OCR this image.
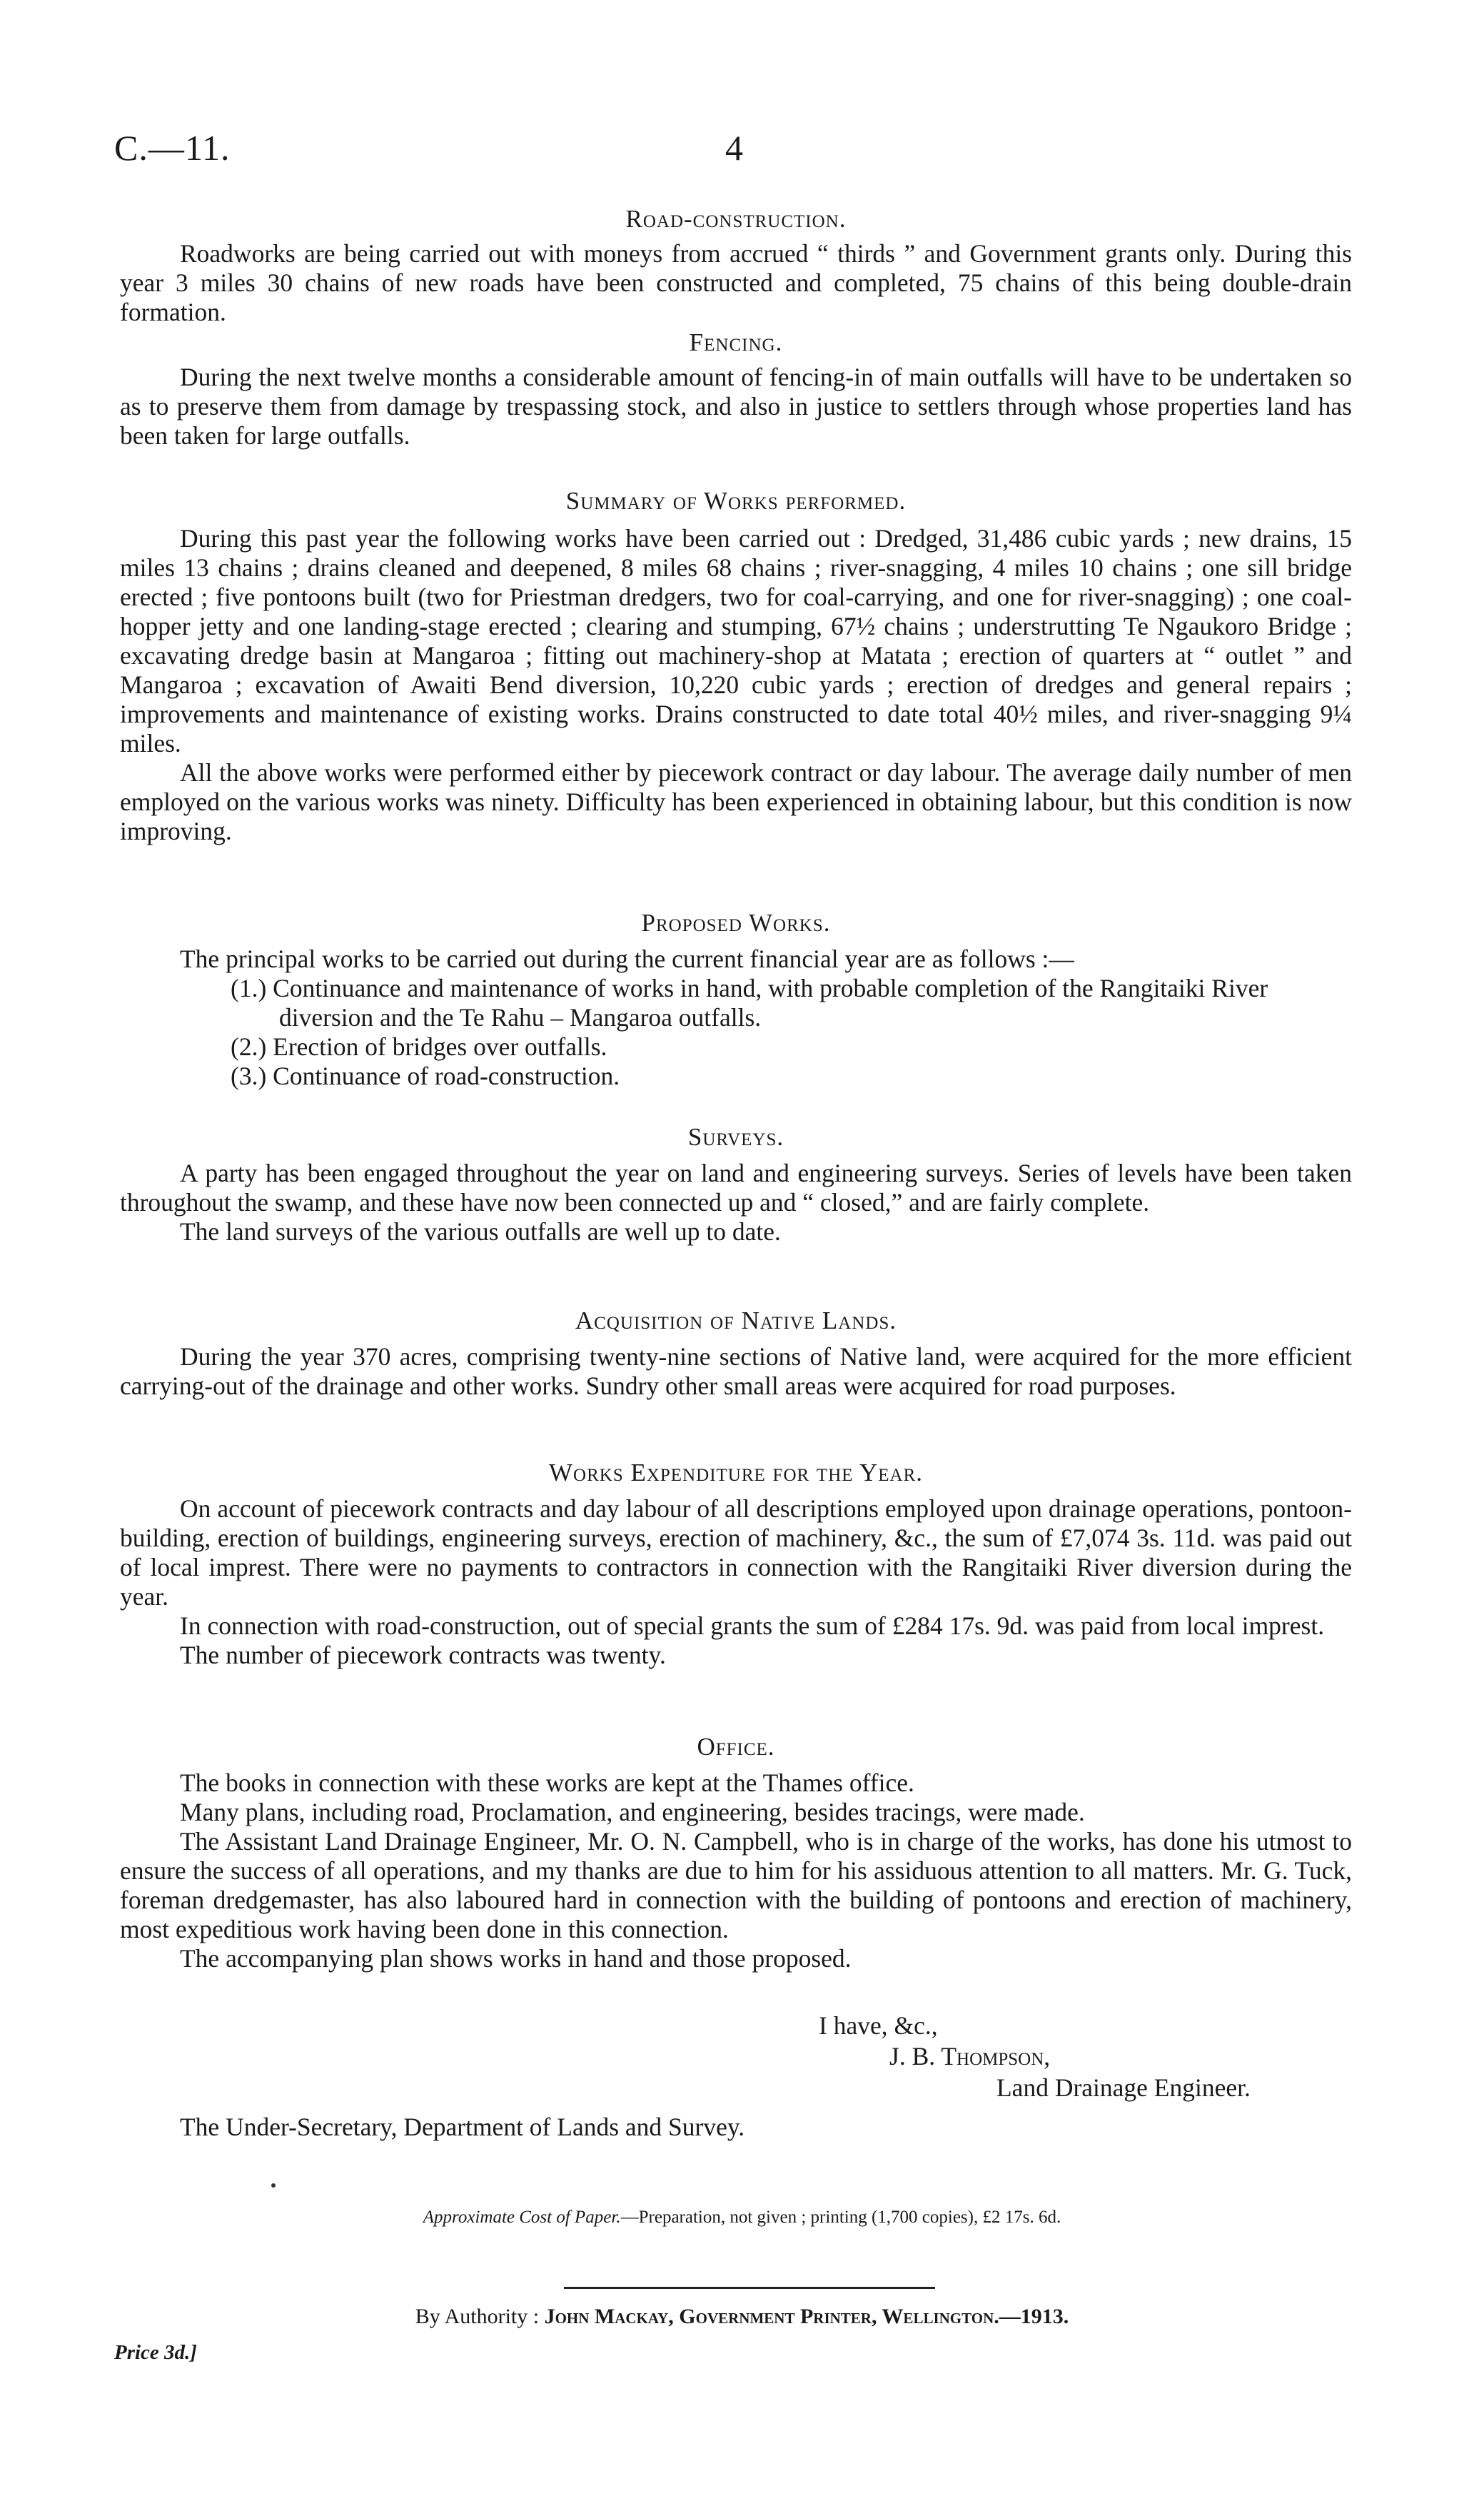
C.—11.	4

Road-construction.

Roadworks are being carried out with moneys from accrued “ thirds ” and Government grants only. During this year 3 miles 30 chains of new roads have been constructed and completed, 75 chains of this being double-drain formation.

Fencing.

During the next twelve months a considerable amount of fencing-in of main outfalls will have to be undertaken so as to preserve them from damage by trespassing stock, and also in justice to settlers through whose properties land has been taken for large outfalls.

Summary of Works performed.

During this past year the following works have been carried out : Dredged, 31,486 cubic yards ; new drains, 15 miles 13 chains ; drains cleaned and deepened, 8 miles 68 chains ; river-snagging, 4 miles 10 chains ; one sill bridge erected ; five pontoons built (two for Priestman dredgers, two for coal-carrying, and one for river-snagging) ; one coal-hopper jetty and one landing-stage erected ; clearing and stumping, 67½ chains ; understrutting Te Ngaukoro Bridge ; excavating dredge basin at Mangaroa ; fitting out machinery-shop at Matata ; erection of quarters at “ outlet ” and Mangaroa ; excavation of Awaiti Bend diversion, 10,220 cubic yards ; erection of dredges and general repairs ; improvements and maintenance of existing works. Drains constructed to date total 40½ miles, and river-snagging 9¼ miles.

All the above works were performed either by piecework contract or day labour. The average daily number of men employed on the various works was ninety. Difficulty has been experienced in obtaining labour, but this condition is now improving.

Proposed Works.

The principal works to be carried out during the current financial year are as follows :—

(1.) Continuance and maintenance of works in hand, with probable completion of the Rangitaiki River diversion and the Te Rahu – Mangaroa outfalls.

(2.) Erection of bridges over outfalls.

(3.) Continuance of road-construction.

Surveys.

A party has been engaged throughout the year on land and engineering surveys. Series of levels have been taken throughout the swamp, and these have now been connected up and “ closed,” and are fairly complete.

The land surveys of the various outfalls are well up to date.

Acquisition of Native Lands.

During the year 370 acres, comprising twenty-nine sections of Native land, were acquired for the more efficient carrying-out of the drainage and other works. Sundry other small areas were acquired for road purposes.

Works Expenditure for the Year.

On account of piecework contracts and day labour of all descriptions employed upon drainage operations, pontoon-building, erection of buildings, engineering surveys, erection of machinery, &c., the sum of £7,074 3s. 11d. was paid out of local imprest. There were no payments to contractors in connection with the Rangitaiki River diversion during the year.

In connection with road-construction, out of special grants the sum of £284 17s. 9d. was paid from local imprest.

The number of piecework contracts was twenty.

Office.

The books in connection with these works are kept at the Thames office.

Many plans, including road, Proclamation, and engineering, besides tracings, were made.

The Assistant Land Drainage Engineer, Mr. O. N. Campbell, who is in charge of the works, has done his utmost to ensure the success of all operations, and my thanks are due to him for his assiduous attention to all matters. Mr. G. Tuck, foreman dredgemaster, has also laboured hard in connection with the building of pontoons and erection of machinery, most expeditious work having been done in this connection.

The accompanying plan shows works in hand and those proposed.

I have, &c.,
J. B. Thompson,
Land Drainage Engineer.
The Under-Secretary, Department of Lands and Survey.
Approximate Cost of Paper.—Preparation, not given ; printing (1,700 copies), £2 17s. 6d.
By Authority : John Mackay, Government Printer, Wellington.—1913.
Price 3d.]
